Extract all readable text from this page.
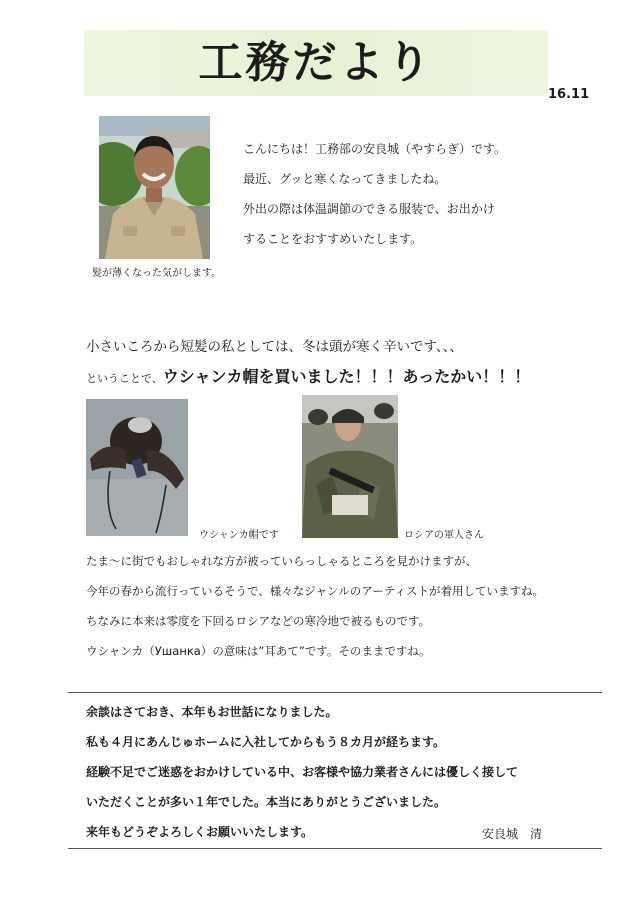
工務だより
16.11
髪が薄くなった気がします。

こんにちは！工務部の安良城（やすらぎ）です。

最近、グッと寒くなってきましたね。

外出の際は体温調節のできる服装で、お出かけ

することをおすすめいたします。

小さいころから短髪の私としては、冬は頭が寒く辛いです、、、
ということで、ウシャンカ帽を買いました！！！あったかい！！！
ウシャンカ帽です	ロシアの軍人さん

たま〜に街でもおしゃれな方が被っていらっしゃるところを見かけますが、

今年の春から流行っているそうで、様々なジャンルのアーティストが着用していますね。

ちなみに本来は零度を下回るロシアなどの寒冷地で被るものです。

ウシャンカ（Ушанка）の意味は”耳あて”です。そのままですね。

余談はさておき、本年もお世話になりました。

私も４月にあんじゅホームに入社してからもう８カ月が経ちます。

経験不足でご迷惑をおかけしている中、お客様や協力業者さんには優しく接して

いただくことが多い１年でした。本当にありがとうございました。

来年もどうぞよろしくお願いいたします。	安良城　清
